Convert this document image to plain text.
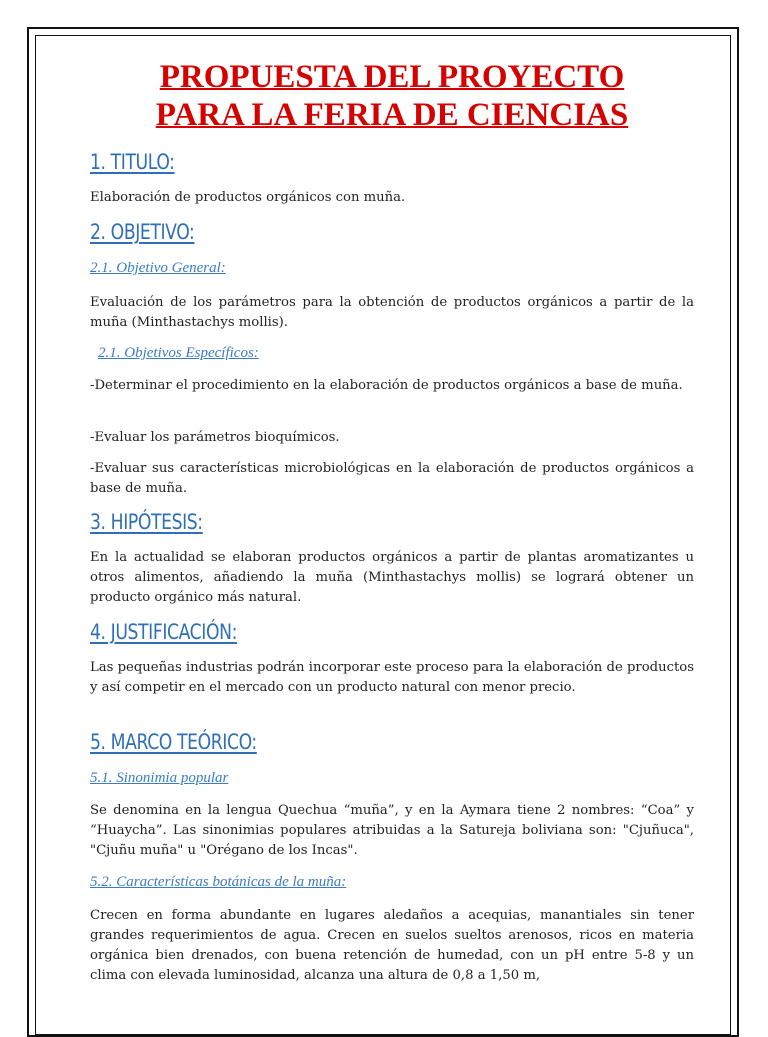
PROPUESTA DEL PROYECTO

PARA LA FERIA DE CIENCIAS

1. TITULO:

Elaboración de productos orgánicos con muña.

2. OBJETIVO:

2.1. Objetivo General:

Evaluación de los parámetros para la obtención de productos orgánicos a partir de la muña (Minthastachys mollis).

2.1. Objetivos Específicos:

-Determinar el procedimiento en la elaboración de productos orgánicos a base de muña.

-Evaluar los parámetros bioquímicos.

-Evaluar sus características microbiológicas en la elaboración de productos orgánicos a base de muña.

3. HIPÓTESIS:

En la actualidad se elaboran productos orgánicos a partir de plantas aromatizantes u otros alimentos, añadiendo la muña (Minthastachys mollis) se logrará obtener un producto orgánico más natural.

4. JUSTIFICACIÓN:

Las pequeñas industrias podrán incorporar este proceso para la elaboración de productos y así competir en el mercado con un producto natural con menor precio.

5. MARCO TEÓRICO:

5.1. Sinonimia popular

Se denomina en la lengua Quechua “muña”, y en la Aymara tiene 2 nombres: “Coa” y “Huaycha”. Las sinonimias populares atribuidas a la Satureja boliviana son: "Cjuñuca", "Cjuñu muña" u "Orégano de los Incas".

5.2. Características botánicas de la muña:

Crecen en forma abundante en lugares aledaños a acequias, manantiales sin tener grandes requerimientos de agua. Crecen en suelos sueltos arenosos, ricos en materia orgánica bien drenados, con buena retención de humedad, con un pH entre 5-8 y un clima con elevada luminosidad, alcanza una altura de 0,8 a 1,50 m,
